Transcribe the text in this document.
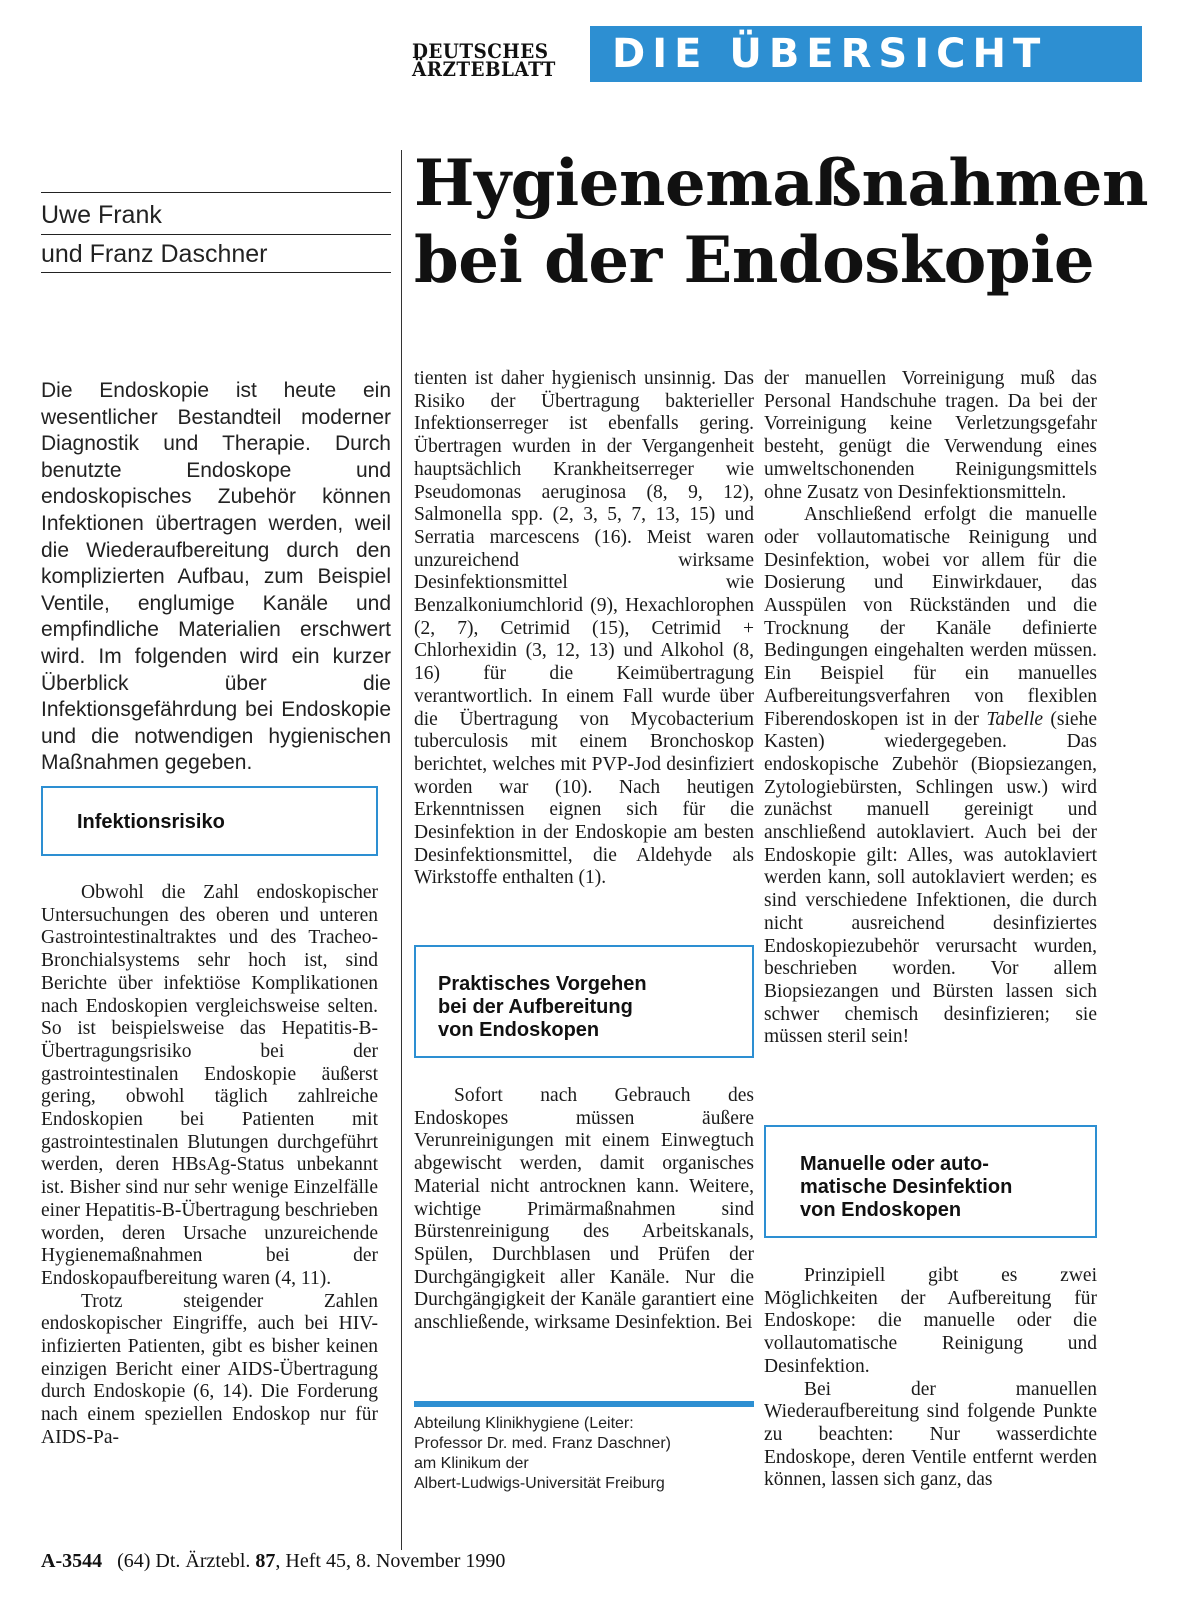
DEUTSCHES
ÄRZTEBLATT	DIE ÜBERSICHT
Hygienemaßnahmen
bei der Endoskopie
Uwe Frank
und Franz Daschner

Die Endoskopie ist heute ein wesentlicher Bestandteil moderner Diagnostik und Therapie. Durch benutzte Endoskope und endoskopisches Zubehör können Infektionen übertragen werden, weil die Wiederaufbereitung durch den komplizierten Aufbau, zum Beispiel Ventile, englumige Kanäle und empfindliche Materialien erschwert wird. Im folgenden wird ein kurzer Überblick über die Infektionsgefährdung bei Endoskopie und die notwendigen hygienischen Maßnahmen gegeben.

Infektionsrisiko

Obwohl die Zahl endoskopischer Untersuchungen des oberen und unteren Gastrointestinaltraktes und des Tracheo-Bronchialsystems sehr hoch ist, sind Berichte über infektiöse Komplikationen nach Endoskopien vergleichsweise selten. So ist beispielsweise das Hepatitis-B-Übertragungsrisiko bei der gastrointestinalen Endoskopie äußerst gering, obwohl täglich zahlreiche Endoskopien bei Patienten mit gastrointestinalen Blutungen durchgeführt werden, deren HBsAg-Status unbekannt ist. Bisher sind nur sehr wenige Einzelfälle einer Hepatitis-B-Übertragung beschrieben worden, deren Ursache unzureichende Hygienemaßnahmen bei der Endoskopaufbereitung waren (4, 11).

Trotz steigender Zahlen endoskopischer Eingriffe, auch bei HIV-infizierten Patienten, gibt es bisher keinen einzigen Bericht einer AIDS-Übertragung durch Endoskopie (6, 14). Die Forderung nach einem speziellen Endoskop nur für AIDS-Pa-

tienten ist daher hygienisch unsinnig. Das Risiko der Übertragung bakterieller Infektionserreger ist ebenfalls gering. Übertragen wurden in der Vergangenheit hauptsächlich Krankheitserreger wie Pseudomonas aeruginosa (8, 9, 12), Salmonella spp. (2, 3, 5, 7, 13, 15) und Serratia marcescens (16). Meist waren unzureichend wirksame Desinfektionsmittel wie Benzalkoniumchlorid (9), Hexachlorophen (2, 7), Cetrimid (15), Cetrimid + Chlorhexidin (3, 12, 13) und Alkohol (8, 16) für die Keimübertragung verantwortlich. In einem Fall wurde über die Übertragung von Mycobacterium tuberculosis mit einem Bronchoskop berichtet, welches mit PVP-Jod desinfiziert worden war (10). Nach heutigen Erkenntnissen eignen sich für die Desinfektion in der Endoskopie am besten Desinfektionsmittel, die Aldehyde als Wirkstoffe enthalten (1).

Praktisches Vorgehen
bei der Aufbereitung
von Endoskopen

Sofort nach Gebrauch des Endoskopes müssen äußere Verunreinigungen mit einem Einwegtuch abgewischt werden, damit organisches Material nicht antrocknen kann. Weitere, wichtige Primärmaßnahmen sind Bürstenreinigung des Arbeitskanals, Spülen, Durchblasen und Prüfen der Durchgängigkeit aller Kanäle. Nur die Durchgängigkeit der Kanäle garantiert eine anschließende, wirksame Desinfektion. Bei

Abteilung Klinikhygiene (Leiter:
Professor Dr. med. Franz Daschner)
am Klinikum der
Albert-Ludwigs-Universität Freiburg

der manuellen Vorreinigung muß das Personal Handschuhe tragen. Da bei der Vorreinigung keine Verletzungsgefahr besteht, genügt die Verwendung eines umweltschonenden Reinigungsmittels ohne Zusatz von Desinfektionsmitteln.

Anschließend erfolgt die manuelle oder vollautomatische Reinigung und Desinfektion, wobei vor allem für die Dosierung und Einwirkdauer, das Ausspülen von Rückständen und die Trocknung der Kanäle definierte Bedingungen eingehalten werden müssen. Ein Beispiel für ein manuelles Aufbereitungsverfahren von flexiblen Fiberendoskopen ist in der Tabelle (siehe Kasten) wiedergegeben. Das endoskopische Zubehör (Biopsiezangen, Zytologiebürsten, Schlingen usw.) wird zunächst manuell gereinigt und anschließend autoklaviert. Auch bei der Endoskopie gilt: Alles, was autoklaviert werden kann, soll autoklaviert werden; es sind verschiedene Infektionen, die durch nicht ausreichend desinfiziertes Endoskopiezubehör verursacht wurden, beschrieben worden. Vor allem Biopsiezangen und Bürsten lassen sich schwer chemisch desinfizieren; sie müssen steril sein!

Manuelle oder auto-
matische Desinfektion
von Endoskopen

Prinzipiell gibt es zwei Möglichkeiten der Aufbereitung für Endoskope: die manuelle oder die vollautomatische Reinigung und Desinfektion.

Bei der manuellen Wiederaufbereitung sind folgende Punkte zu beachten: Nur wasserdichte Endoskope, deren Ventile entfernt werden können, lassen sich ganz, das

A-3544 (64) Dt. Ärztebl. 87, Heft 45, 8. November 1990
